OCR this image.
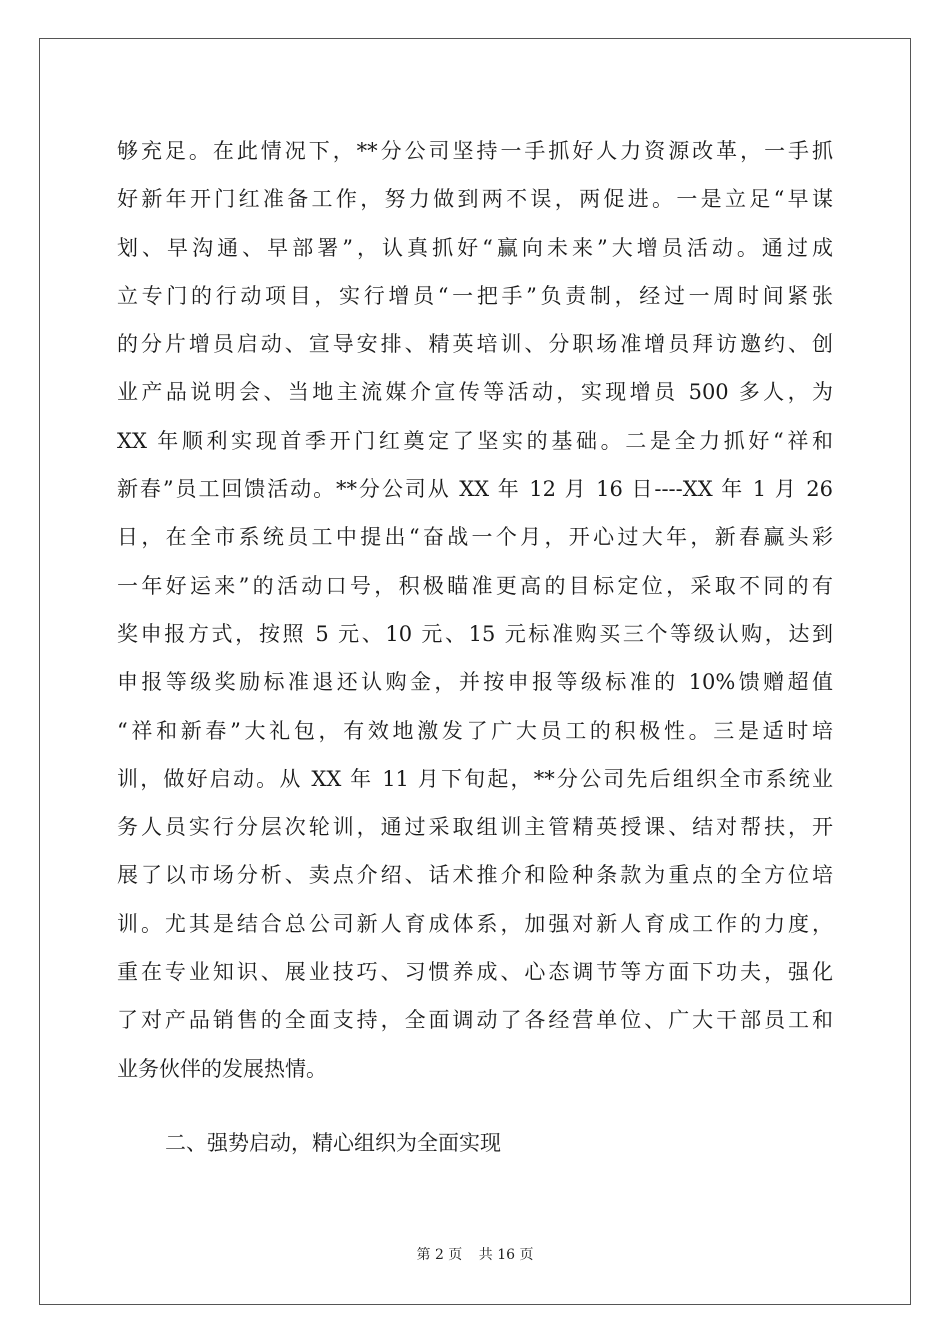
够充足。在此情况下，**分公司坚持一手抓好人力资源改革，一手抓
好新年开门红准备工作，努力做到两不误，两促进。一是立足“早谋
划、早沟通、早部署”，认真抓好“赢向未来”大增员活动。通过成
立专门的行动项目，实行增员“一把手”负责制，经过一周时间紧张
的分片增员启动、宣导安排、精英培训、分职场准增员拜访邀约、创
业产品说明会、当地主流媒介宣传等活动，实现增员 500 多人，为
XX 年顺利实现首季开门红奠定了坚实的基础。二是全力抓好“祥和
新春”员工回馈活动。**分公司从 XX 年 12 月 16 日----XX 年 1 月 26
日，在全市系统员工中提出“奋战一个月，开心过大年，新春赢头彩
一年好运来”的活动口号，积极瞄准更高的目标定位，采取不同的有
奖申报方式，按照 5 元、10 元、15 元标准购买三个等级认购，达到
申报等级奖励标准退还认购金，并按申报等级标准的 10%馈赠超值
“祥和新春”大礼包，有效地激发了广大员工的积极性。三是适时培
训，做好启动。从 XX 年 11 月下旬起，**分公司先后组织全市系统业
务人员实行分层次轮训，通过采取组训主管精英授课、结对帮扶，开
展了以市场分析、卖点介绍、话术推介和险种条款为重点的全方位培
训。尤其是结合总公司新人育成体系，加强对新人育成工作的力度，
重在专业知识、展业技巧、习惯养成、心态调节等方面下功夫，强化
了对产品销售的全面支持，全面调动了各经营单位、广大干部员工和
业务伙伴的发展热情。
二、强势启动，精心组织为全面实现
第 2 页 共 16 页
